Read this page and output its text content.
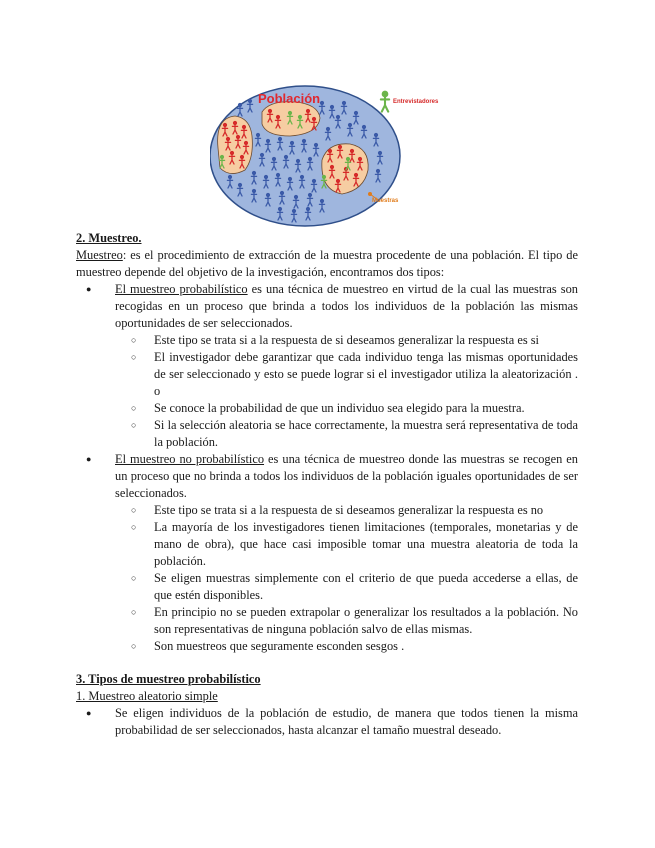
Población	Entrevistadores
Muestras
2. Muestreo.
Muestreo: es el procedimiento de extracción de la muestra procedente de una población. El tipo de muestreo depende del objetivo de la investigación, encontramos dos tipos:
● El muestreo probabilístico es una técnica de muestreo en virtud de la cual las muestras son recogidas en un proceso que brinda a todos los individuos de la población las mismas oportunidades de ser seleccionados.
○ Este tipo se trata si a la respuesta de si deseamos generalizar la respuesta es si
○ El investigador debe garantizar que cada individuo tenga las mismas oportunidades de ser seleccionado y esto se puede lograr si el investigador utiliza la aleatorización . o
○ Se conoce la probabilidad de que un individuo sea elegido para la muestra.
○ Si la selección aleatoria se hace correctamente, la muestra será representativa de toda la población.
● El muestreo no probabilístico es una técnica de muestreo donde las muestras se recogen en un proceso que no brinda a todos los individuos de la población iguales oportunidades de ser seleccionados.
○ Este tipo se trata si a la respuesta de si deseamos generalizar la respuesta es no
○ La mayoría de los investigadores tienen limitaciones (temporales, monetarias y de mano de obra), que hace casi imposible tomar una muestra aleatoria de toda la población.
○ Se eligen muestras simplemente con el criterio de que pueda accederse a ellas, de que estén disponibles.
○ En principio no se pueden extrapolar o generalizar los resultados a la población. No son representativas de ninguna población salvo de ellas mismas.
○ Son muestreos que seguramente esconden sesgos .
3. Tipos de muestreo probabilístico
1. Muestreo aleatorio simple
● Se eligen individuos de la población de estudio, de manera que todos tienen la misma probabilidad de ser seleccionados, hasta alcanzar el tamaño muestral deseado.
